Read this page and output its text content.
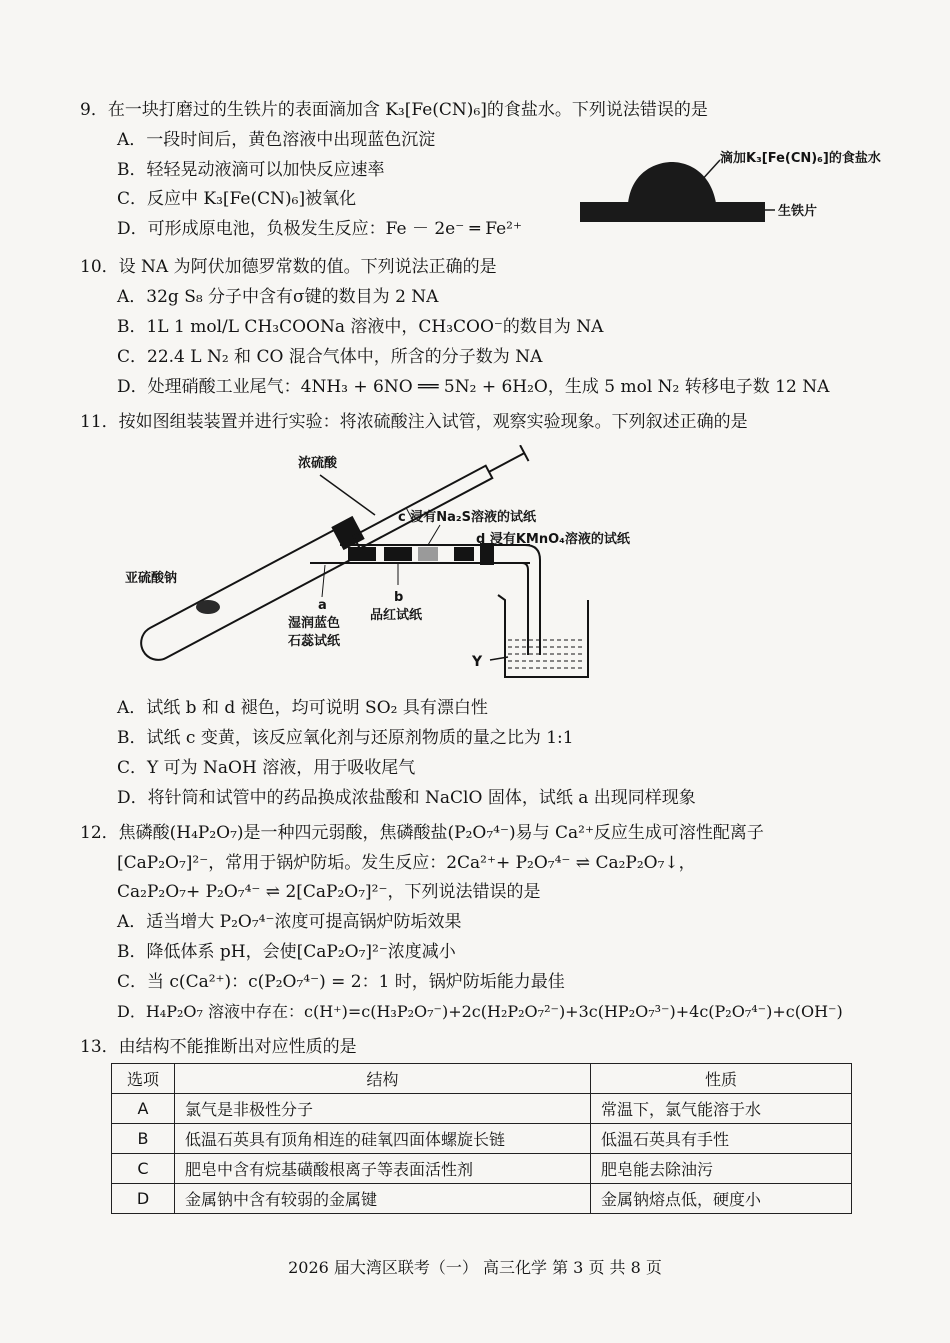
9．在一块打磨过的生铁片的表面滴加含 K₃[Fe(CN)₆]的食盐水。下列说法错误的是
A．一段时间后，黄色溶液中出现蓝色沉淀
B．轻轻晃动液滴可以加快反应速率
C．反应中 K₃[Fe(CN)₆]被氧化
D．可形成原电池，负极发生反应：Fe － 2e⁻ ═ Fe²⁺
滴加K₃[Fe(CN)₆]的食盐水
生铁片
10．设 NA 为阿伏加德罗常数的值。下列说法正确的是
A．32g S₈ 分子中含有σ键的数目为 2 NA
B．1L 1 mol/L CH₃COONa 溶液中，CH₃COO⁻的数目为 NA
C．22.4 L N₂ 和 CO 混合气体中，所含的分子数为 NA
D．处理硝酸工业尾气：4NH₃ + 6NO ══ 5N₂ + 6H₂O，生成 5 mol N₂ 转移电子数 12 NA
11．按如图组装装置并进行实验：将浓硫酸注入试管，观察实验现象。下列叙述正确的是
浓硫酸
Y
c 浸有Na₂S溶液的试纸
d 浸有KMnO₄溶液的试纸
亚硫酸钠
a
湿润蓝色
石蕊试纸
b
品红试纸
A．试纸 b 和 d 褪色，均可说明 SO₂ 具有漂白性
B．试纸 c 变黄，该反应氧化剂与还原剂物质的量之比为 1:1
C．Y 可为 NaOH 溶液，用于吸收尾气
D．将针筒和试管中的药品换成浓盐酸和 NaClO 固体，试纸 a 出现同样现象
12．焦磷酸(H₄P₂O₇)是一种四元弱酸，焦磷酸盐(P₂O₇⁴⁻)易与 Ca²⁺反应生成可溶性配离子
[CaP₂O₇]²⁻，常用于锅炉防垢。发生反应：2Ca²⁺+ P₂O₇⁴⁻ ⇌ Ca₂P₂O₇↓，
Ca₂P₂O₇+ P₂O₇⁴⁻ ⇌ 2[CaP₂O₇]²⁻，下列说法错误的是
A．适当增大 P₂O₇⁴⁻浓度可提高锅炉防垢效果
B．降低体系 pH，会使[CaP₂O₇]²⁻浓度减小
C．当 c(Ca²⁺)：c(P₂O₇⁴⁻) = 2：1 时，锅炉防垢能力最佳
D．H₄P₂O₇ 溶液中存在：c(H⁺)=c(H₃P₂O₇⁻)+2c(H₂P₂O₇²⁻)+3c(HP₂O₇³⁻)+4c(P₂O₇⁴⁻)+c(OH⁻)
13．由结构不能推断出对应性质的是
选项	结构	性质
A	氯气是非极性分子	常温下，氯气能溶于水
B	低温石英具有顶角相连的硅氧四面体螺旋长链	低温石英具有手性
C	肥皂中含有烷基磺酸根离子等表面活性剂	肥皂能去除油污
D	金属钠中含有较弱的金属键	金属钠熔点低，硬度小
2026 届大湾区联考（一） 高三化学 第 3 页 共 8 页
